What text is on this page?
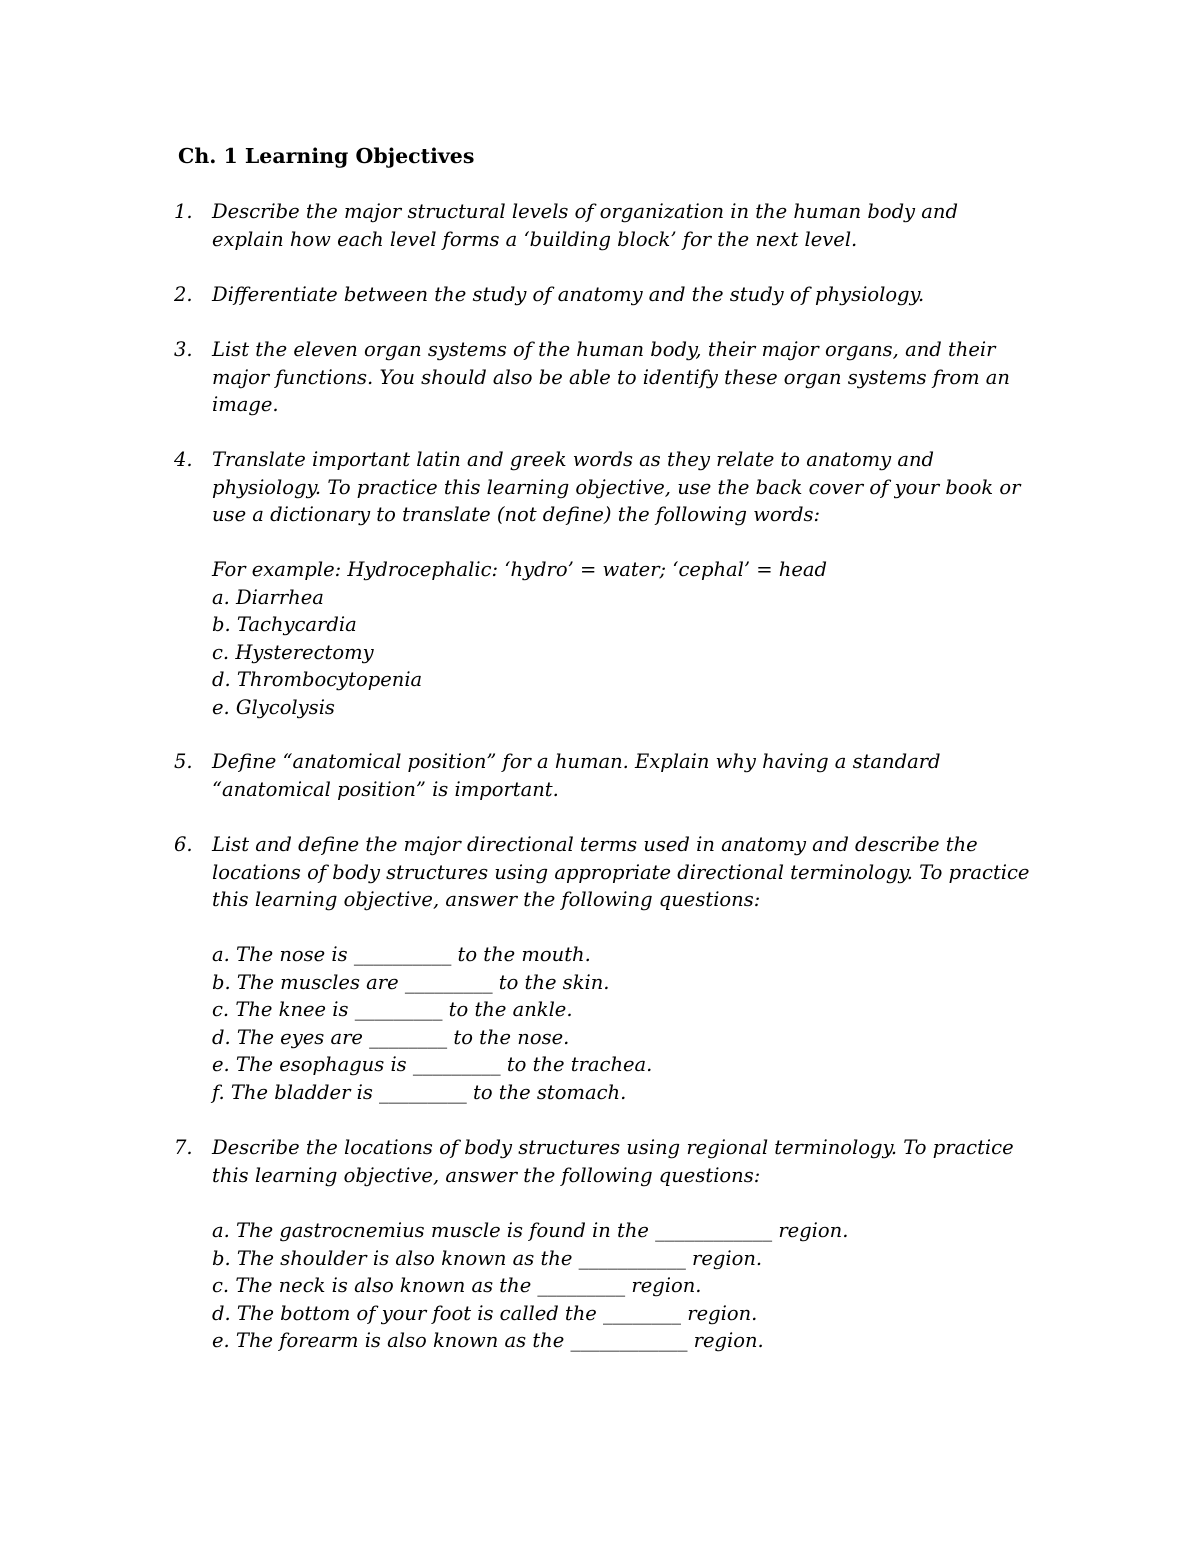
Ch. 1 Learning Objectives
1. Describe the major structural levels of organization in the human body and explain how each level forms a ‘building block’ for the next level.
2. Differentiate between the study of anatomy and the study of physiology.
3. List the eleven organ systems of the human body, their major organs, and their major functions. You should also be able to identify these organ systems from an image.
4. Translate important latin and greek words as they relate to anatomy and physiology. To practice this learning objective, use the back cover of your book or use a dictionary to translate (not define) the following words:
For example: Hydrocephalic: ‘hydro’ = water; ‘cephal’ = head
a. Diarrhea
b. Tachycardia
c. Hysterectomy
d. Thrombocytopenia
e. Glycolysis
5. Define “anatomical position” for a human. Explain why having a standard “anatomical position” is important.
6. List and define the major directional terms used in anatomy and describe the locations of body structures using appropriate directional terminology. To practice this learning objective, answer the following questions:
a. The nose is __________ to the mouth.
b. The muscles are _________ to the skin.
c. The knee is _________ to the ankle.
d. The eyes are ________ to the nose.
e. The esophagus is _________ to the trachea.
f. The bladder is _________ to the stomach.
7. Describe the locations of body structures using regional terminology. To practice this learning objective, answer the following questions:
a. The gastrocnemius muscle is found in the ____________ region.
b. The shoulder is also known as the ___________ region.
c. The neck is also known as the _________ region.
d. The bottom of your foot is called the ________ region.
e. The forearm is also known as the ____________ region.
